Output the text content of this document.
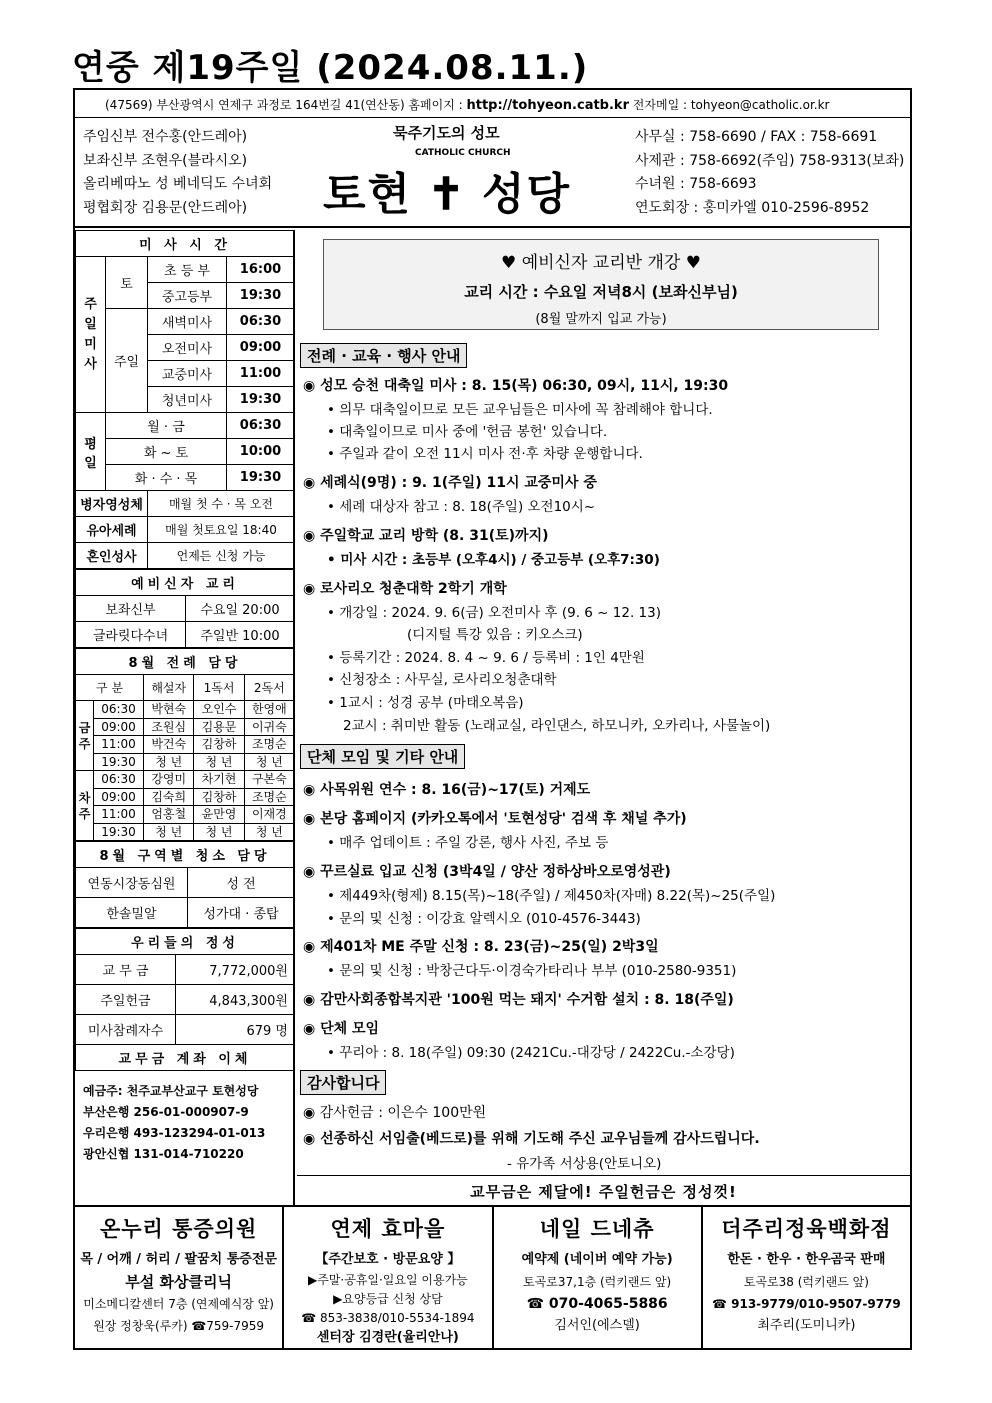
연중 제19주일 (2024.08.11.)
(47569) 부산광역시 연제구 과정로 164번길 41(연산동) 홈페이지 : http://tohyeon.catb.kr 전자메일 : tohyeon@catholic.or.kr
주임신부 전수홍(안드레아)
보좌신부 조현우(블라시오)
올리베따노 성 베네딕도 수녀회
평협회장 김용문(안드레아)
묵주기도의 성모
CATHOLIC CHURCH
토현 ✝ 성당
사무실 : 758-6690 / FAX : 758-6691
사제관 : 758-6692(주임) 758-9313(보좌)
수녀원 : 758-6693
연도회장 : 홍미카엘 010-2596-8952
미 사 시 간			
주일미사	토	초 등 부	16:00
		중고등부	19:30
	주일	새벽미사	06:30
		오전미사	09:00
		교중미사	11:00
		청년미사	19:30
평일	월 · 금		06:30
	화 ~ 토		10:00
	화 · 수 · 목		19:30
병자영성체		매월 첫 수 · 목 오전	
유아세례		매월 첫토요일 18:40	
혼인성사		언제든 신청 가능	
예비신자 교리	
보좌신부	수요일 20:00
글라릿다수녀	주일반 10:00
8월 전례 담당				
구 분		해설자	1독서	2독서
금주	06:30	박현숙	오인수	한영애
	09:00	조원심	김용문	이귀숙
	11:00	박건숙	김창하	조명순
	19:30	청 년	청 년	청 년
차주	06:30	강영미	차기현	구본숙
	09:00	김숙희	김창하	조명순
	11:00	엄홍철	윤만영	이재경
	19:30	청 년	청 년	청 년
8월 구역별 청소 담당	
연동시장동심원	성 전
한솔밀알	성가대 · 종탑
우리들의 정성	
교 무 금	7,772,000원
주일헌금	4,843,300원
미사참례자수	679 명
교무금 계좌 이체	
예금주: 천주교부산교구 토현성당
부산은행 256-01-000907-9
우리은행 493-123294-01-013
광안신협 131-014-710220
♥ 예비신자 교리반 개강 ♥
교리 시간 : 수요일 저녁8시 (보좌신부님)
(8월 말까지 입교 가능)
전례 · 교육 · 행사 안내
◉ 성모 승천 대축일 미사 : 8. 15(목) 06:30, 09시, 11시, 19:30
• 의무 대축일이므로 모든 교우님들은 미사에 꼭 참례해야 합니다.
• 대축일이므로 미사 중에 '헌금 봉헌' 있습니다.
• 주일과 같이 오전 11시 미사 전·후 차량 운행합니다.
◉ 세례식(9명) : 9. 1(주일) 11시 교중미사 중
• 세례 대상자 참고 : 8. 18(주일) 오전10시~
◉ 주일학교 교리 방학 (8. 31(토)까지)
• 미사 시간 : 초등부 (오후4시) / 중고등부 (오후7:30)
◉ 로사리오 청춘대학 2학기 개학
• 개강일 : 2024. 9. 6(금) 오전미사 후 (9. 6 ~ 12. 13)
(디지털 특강 있음 : 키오스크)
• 등록기간 : 2024. 8. 4 ~ 9. 6 / 등록비 : 1인 4만원
• 신청장소 : 사무실, 로사리오청춘대학
• 1교시 : 성경 공부 (마태오복음)
2교시 : 취미반 활동 (노래교실, 라인댄스, 하모니카, 오카리나, 사물놀이)
단체 모임 및 기타 안내
◉ 사목위원 연수 : 8. 16(금)~17(토) 거제도
◉ 본당 홈페이지 (카카오톡에서 '토현성당' 검색 후 채널 추가)
• 매주 업데이트 : 주일 강론, 행사 사진, 주보 등
◉ 꾸르실료 입교 신청 (3박4일 / 양산 정하상바오로영성관)
• 제449차(형제) 8.15(목)~18(주일) / 제450차(자매) 8.22(목)~25(주일)
• 문의 및 신청 : 이강효 알렉시오 (010-4576-3443)
◉ 제401차 ME 주말 신청 : 8. 23(금)~25(일) 2박3일
• 문의 및 신청 : 박창근다두·이경숙가타리나 부부 (010-2580-9351)
◉ 감만사회종합복지관 '100원 먹는 돼지' 수거함 설치 : 8. 18(주일)
◉ 단체 모임
• 꾸리아 : 8. 18(주일) 09:30 (2421Cu.-대강당 / 2422Cu.-소강당)
감사합니다
◉ 감사헌금 : 이은수 100만원
◉ 선종하신 서임출(베드로)를 위해 기도해 주신 교우님들께 감사드립니다.
- 유가족 서상용(안토니오)
교무금은 제달에! 주일헌금은 정성껏!
온누리 통증의원
목 / 어깨 / 허리 / 팔꿈치 통증전문
부설 화상클리닉
미소메디칼센터 7층 (연제예식장 앞)
원장 정창욱(루카) ☎759-7959
연제 효마을
【주간보호 · 방문요양 】
▶주말·공휴일·일요일 이용가능
▶요양등급 신청 상담
☎ 853-3838/010-5534-1894
센터장 김경란(율리안나)
네일 드네츄
예약제 (네이버 예약 가능)
토곡로37,1층 (럭키랜드 앞)
☎ 070-4065-5886
김서인(에스델)
더주리정육백화점
한돈 · 한우 · 한우곰국 판매
토곡로38 (럭키랜드 앞)
☎ 913-9779/010-9507-9779
최주리(도미니카)
